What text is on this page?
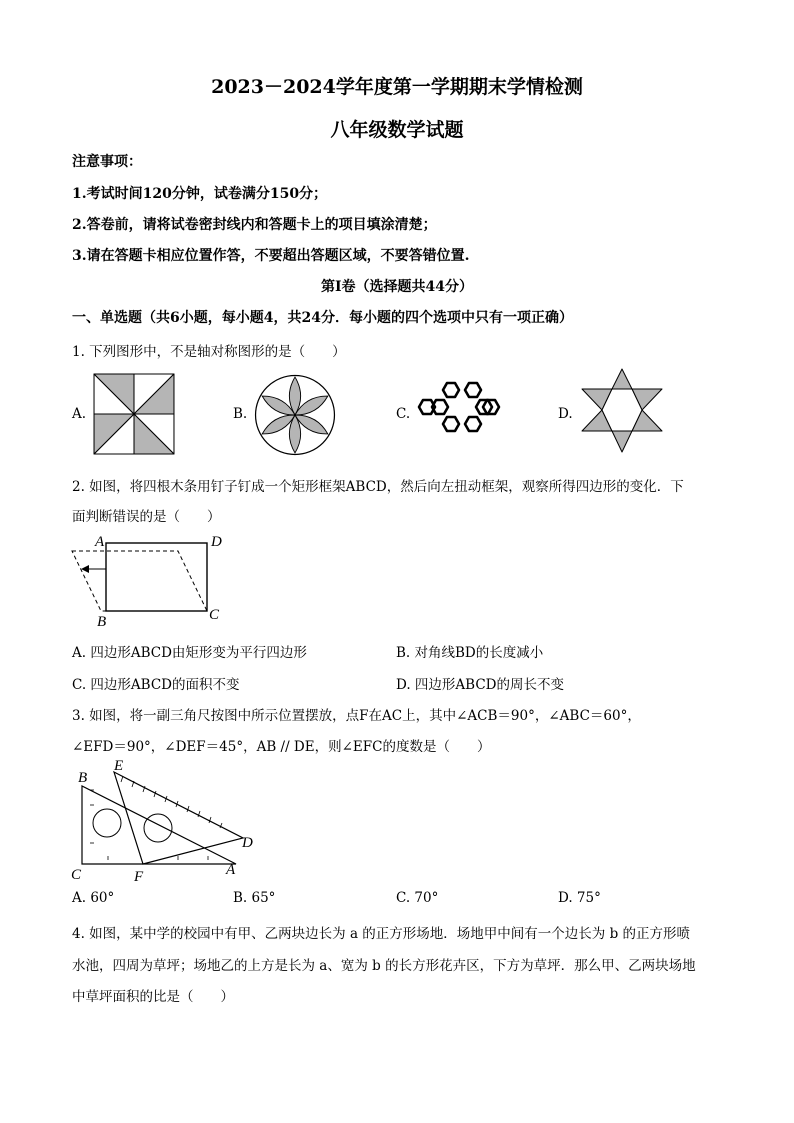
2023－2024学年度第一学期期末学情检测
八年级数学试题
注意事项：
1.考试时间120分钟，试卷满分150分；
2.答卷前，请将试卷密封线内和答题卡上的项目填涂清楚；
3.请在答题卡相应位置作答，不要超出答题区域，不要答错位置.
第Ⅰ卷（选择题共44分）
一、单选题（共6小题，每小题4，共24分．每小题的四个选项中只有一项正确）
1. 下列图形中，不是轴对称图形的是（　　）
A.	B.	C.	D.
2. 如图，将四根木条用钉子钉成一个矩形框架ABCD，然后向左扭动框架，观察所得四边形的变化．下
面判断错误的是（　　）
A	D
B	C
A. 四边形ABCD由矩形变为平行四边形	B. 对角线BD的长度减小
C. 四边形ABCD的面积不变	D. 四边形ABCD的周长不变
3. 如图，将一副三角尺按图中所示位置摆放，点F在AC上，其中∠ACB＝90°，∠ABC＝60°，
∠EFD＝90°，∠DEF＝45°，AB // DE，则∠EFC的度数是（　　）
B
E
D
C	F	A
A. 60°	B. 65°	C. 70°	D. 75°
4. 如图，某中学的校园中有甲、乙两块边长为 a 的正方形场地．场地甲中间有一个边长为 b 的正方形喷
水池，四周为草坪；场地乙的上方是长为 a、宽为 b 的长方形花卉区，下方为草坪．那么甲、乙两块场地
中草坪面积的比是（　　）
